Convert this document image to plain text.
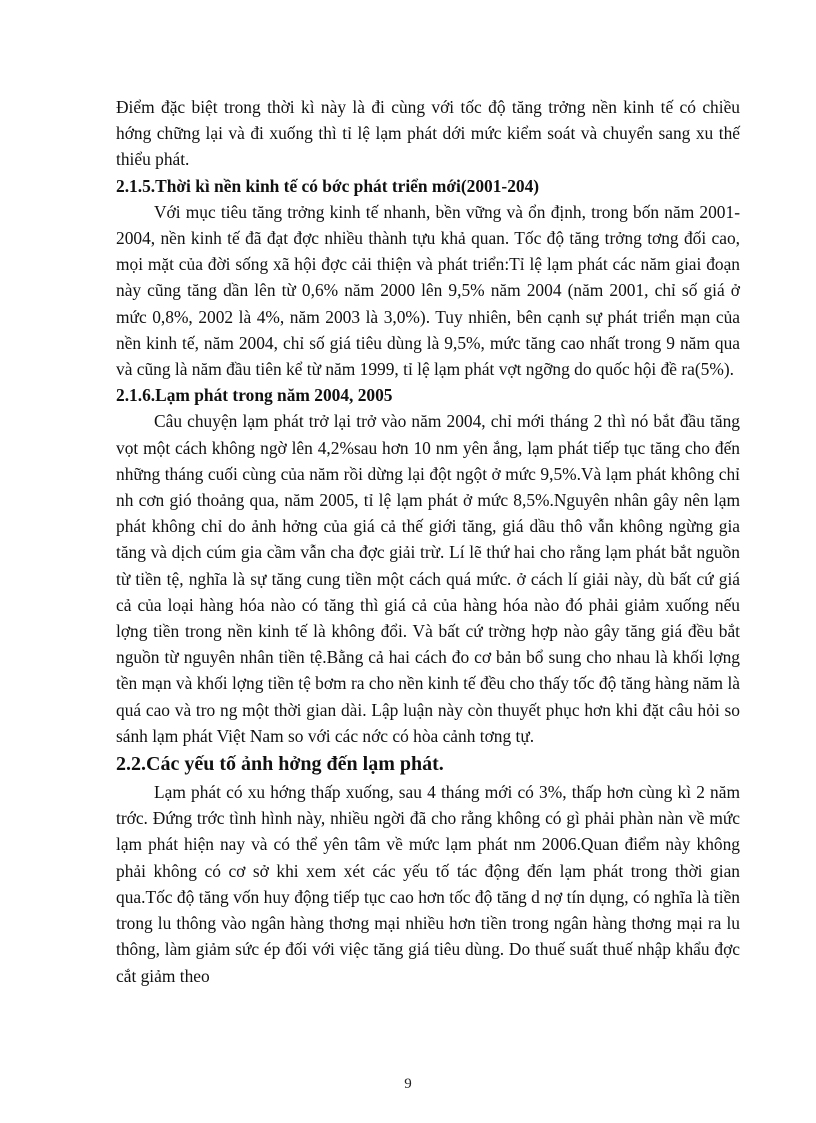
Điểm đặc biệt trong thời kì này là đi cùng với tốc độ tăng trởng nền kinh tế có chiều hớng chững lại và đi xuống thì tỉ lệ lạm phát dới mức kiểm soát và chuyển sang xu thế thiểu phát.

2.1.5.Thời kì nền kinh tế có bớc phát triển mới(2001-204)

Với mục tiêu tăng trởng kinh tế nhanh, bền vững và ổn định, trong bốn năm 2001-2004, nền kinh tế đã đạt đợc nhiều thành tựu khả quan. Tốc độ tăng trởng tơng đối cao, mọi mặt của đời sống xã hội đợc cải thiện và phát triển:Tỉ lệ lạm phát các năm giai đoạn này cũng tăng dần lên từ 0,6% năm 2000 lên 9,5% năm 2004 (năm 2001, chỉ số giá ở mức 0,8%, 2002 là 4%, năm 2003 là 3,0%). Tuy nhiên, bên cạnh sự phát triển mạn của nền kinh tế, năm 2004, chỉ số giá tiêu dùng là 9,5%, mức tăng cao nhất trong 9 năm qua và cũng là năm đầu tiên kể từ năm 1999, tỉ lệ lạm phát vợt ngỡng do quốc hội đề ra(5%).

2.1.6.Lạm phát trong năm 2004, 2005

Câu chuyện lạm phát trở lại trở vào năm 2004, chỉ mới tháng 2 thì nó bắt đầu tăng vọt một cách không ngờ lên 4,2%sau hơn 10 nm yên ắng, lạm phát tiếp tục tăng cho đến những tháng cuối cùng của năm rồi dừng lại đột ngột ở mức 9,5%.Và lạm phát không chỉ nh cơn gió thoảng qua, năm 2005, tỉ lệ lạm phát ở mức 8,5%.Nguyên nhân gây nên lạm phát không chỉ do ảnh hởng của giá cả thế giới tăng, giá dầu thô vẫn không ngừng gia tăng và dịch cúm gia cầm vẫn cha đợc giải trừ. Lí lẽ thứ hai cho rằng lạm phát bắt nguồn từ tiền tệ, nghĩa là sự tăng cung tiền một cách quá mức. ở cách lí giải này, dù bất cứ giá cả của loại hàng hóa nào có tăng thì giá cả của hàng hóa nào đó phải giảm xuống nếu lợng tiền trong nền kinh tế là không đổi. Và bất cứ trờng hợp nào gây tăng giá đều bắt nguồn từ nguyên nhân tiền tệ.Bằng cả hai cách đo cơ bản bổ sung cho nhau là khối lợng tền mạn và khối lợng tiền tệ bơm ra cho nền kinh tế đều cho thấy tốc độ tăng hàng năm là quá cao và tro ng một thời gian dài. Lập luận này còn thuyết phục hơn khi đặt câu hỏi so sánh lạm phát Việt Nam so với các nớc có hòa cảnh tơng tự.

2.2.Các yếu tố ảnh hởng đến lạm phát.

Lạm phát có xu hớng thấp xuống, sau 4 tháng mới có 3%, thấp hơn cùng kì 2 năm trớc. Đứng trớc tình hình này, nhiều ngời đã cho rằng không có gì phải phàn nàn về mức lạm phát hiện nay và có thể yên tâm về mức lạm phát nm 2006.Quan điểm này không phải không có cơ sở khi xem xét các yếu tố tác động đến lạm phát trong thời gian qua.Tốc độ tăng vốn huy động tiếp tục cao hơn tốc độ tăng d nợ tín dụng, có nghĩa là tiền trong lu thông vào ngân hàng thơng mại nhiều hơn tiền trong ngân hàng thơng mại ra lu thông, làm giảm sức ép đối với việc tăng giá tiêu dùng. Do thuế suất thuế nhập khẩu đợc cắt giảm theo

9
